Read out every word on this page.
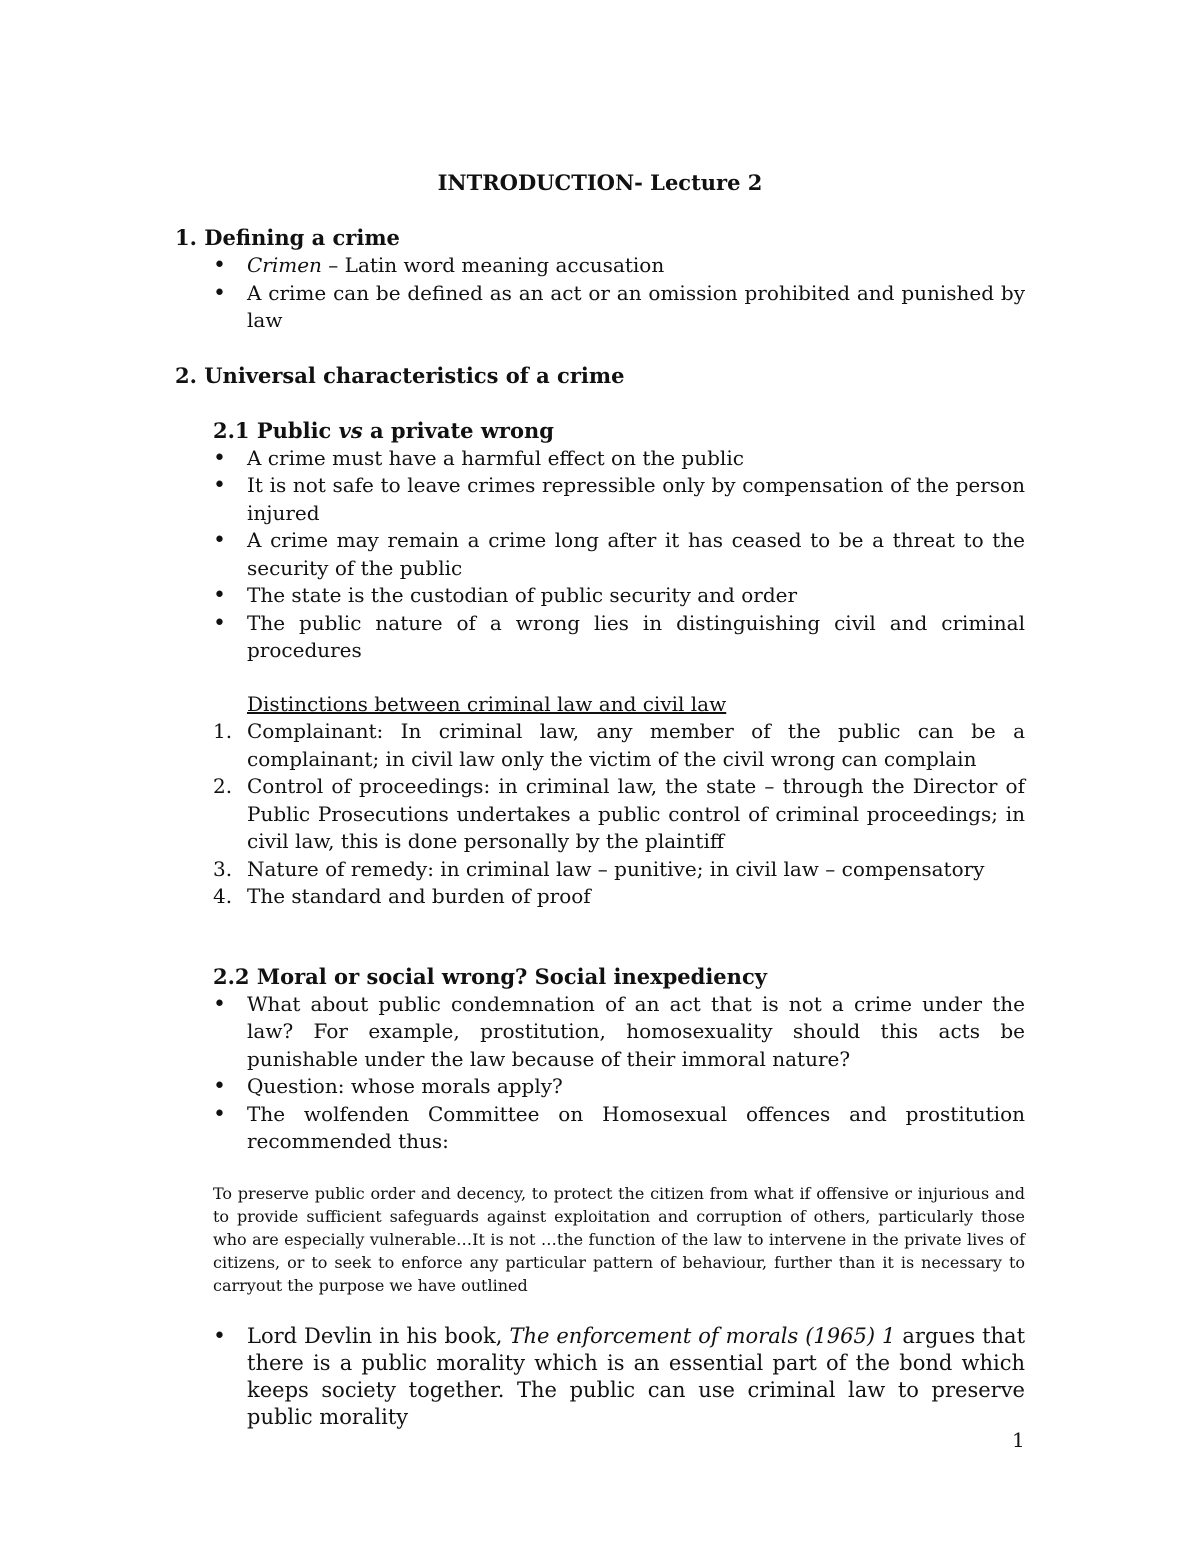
INTRODUCTION- Lecture 2
1. Defining a crime
• Crimen – Latin word meaning accusation
• A crime can be defined as an act or an omission prohibited and punished by law
2. Universal characteristics of a crime
2.1 Public vs a private wrong
• A crime must have a harmful effect on the public
• It is not safe to leave crimes repressible only by compensation of the person injured
• A crime may remain a crime long after it has ceased to be a threat to the security of the public
• The state is the custodian of public security and order
• The public nature of a wrong lies in distinguishing civil and criminal procedures
Distinctions between criminal law and civil law
1. Complainant: In criminal law, any member of the public can be a complainant; in civil law only the victim of the civil wrong can complain
2. Control of proceedings: in criminal law, the state – through the Director of Public Prosecutions undertakes a public control of criminal proceedings; in civil law, this is done personally by the plaintiff
3. Nature of remedy: in criminal law – punitive; in civil law – compensatory
4. The standard and burden of proof
2.2 Moral or social wrong? Social inexpediency
• What about public condemnation of an act that is not a crime under the law? For example, prostitution, homosexuality should this acts be punishable under the law because of their immoral nature?
• Question: whose morals apply?
• The wolfenden Committee on Homosexual offences and prostitution recommended thus:
To preserve public order and decency, to protect the citizen from what if offensive or injurious and to provide sufficient safeguards against exploitation and corruption of others, particularly those who are especially vulnerable…It is not …the function of the law to intervene in the private lives of citizens, or to seek to enforce any particular pattern of behaviour, further than it is necessary to carryout the purpose we have outlined
• Lord Devlin in his book, The enforcement of morals (1965) 1 argues that there is a public morality which is an essential part of the bond which keeps society together. The public can use criminal law to preserve public morality
1
